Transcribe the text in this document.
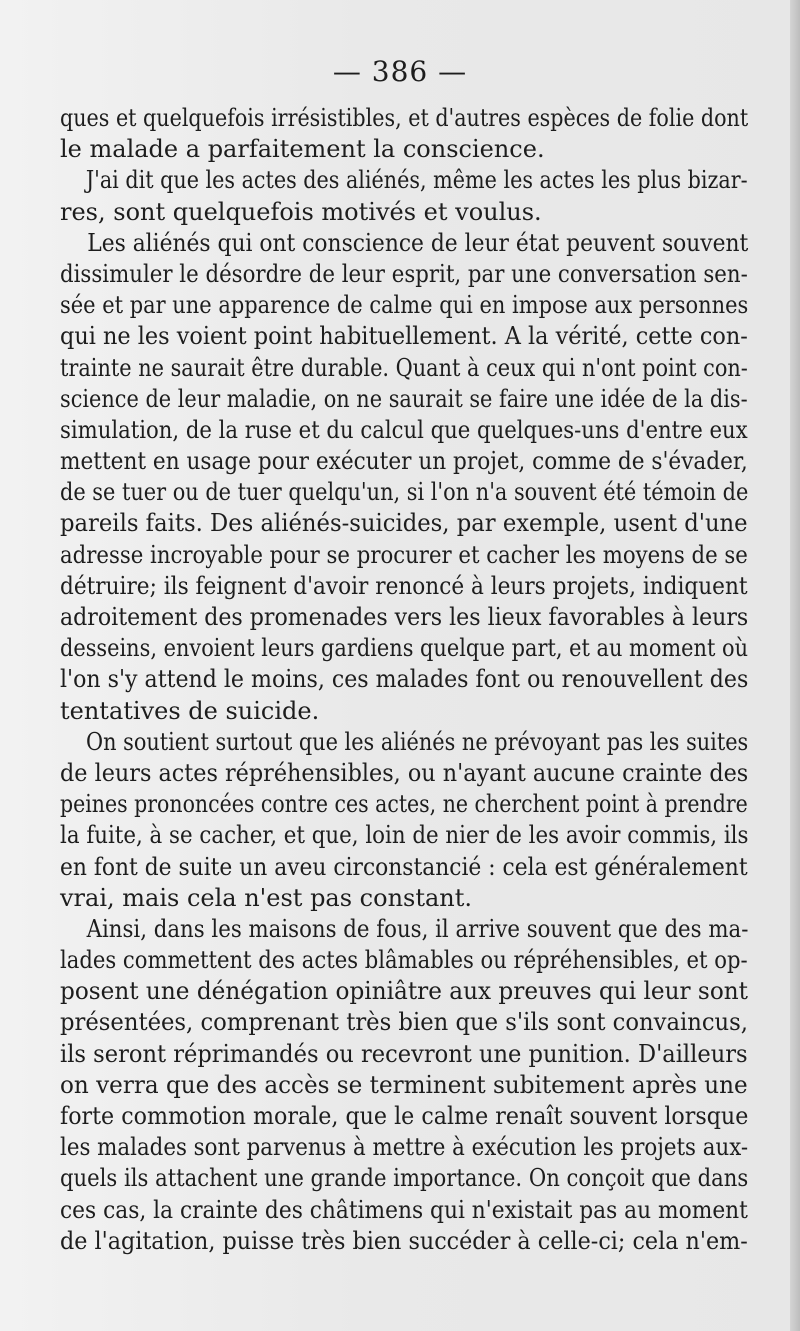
— 386 —
ques et quelquefois irrésistibles, et d'autres espèces de folie dont
le malade a parfaitement la conscience.
J'ai dit que les actes des aliénés, même les actes les plus bizar-
res, sont quelquefois motivés et voulus.
Les aliénés qui ont conscience de leur état peuvent souvent
dissimuler le désordre de leur esprit, par une conversation sen-
sée et par une apparence de calme qui en impose aux personnes
qui ne les voient point habituellement. A la vérité, cette con-
trainte ne saurait être durable. Quant à ceux qui n'ont point con-
science de leur maladie, on ne saurait se faire une idée de la dis-
simulation, de la ruse et du calcul que quelques-uns d'entre eux
mettent en usage pour exécuter un projet, comme de s'évader,
de se tuer ou de tuer quelqu'un, si l'on n'a souvent été témoin de
pareils faits. Des aliénés-suicides, par exemple, usent d'une
adresse incroyable pour se procurer et cacher les moyens de se
détruire; ils feignent d'avoir renoncé à leurs projets, indiquent
adroitement des promenades vers les lieux favorables à leurs
desseins, envoient leurs gardiens quelque part, et au moment où
l'on s'y attend le moins, ces malades font ou renouvellent des
tentatives de suicide.
On soutient surtout que les aliénés ne prévoyant pas les suites
de leurs actes répréhensibles, ou n'ayant aucune crainte des
peines prononcées contre ces actes, ne cherchent point à prendre
la fuite, à se cacher, et que, loin de nier de les avoir commis, ils
en font de suite un aveu circonstancié : cela est généralement
vrai, mais cela n'est pas constant.
Ainsi, dans les maisons de fous, il arrive souvent que des ma-
lades commettent des actes blâmables ou répréhensibles, et op-
posent une dénégation opiniâtre aux preuves qui leur sont
présentées, comprenant très bien que s'ils sont convaincus,
ils seront réprimandés ou recevront une punition. D'ailleurs
on verra que des accès se terminent subitement après une
forte commotion morale, que le calme renaît souvent lorsque
les malades sont parvenus à mettre à exécution les projets aux-
quels ils attachent une grande importance. On conçoit que dans
ces cas, la crainte des châtimens qui n'existait pas au moment
de l'agitation, puisse très bien succéder à celle-ci; cela n'em-
